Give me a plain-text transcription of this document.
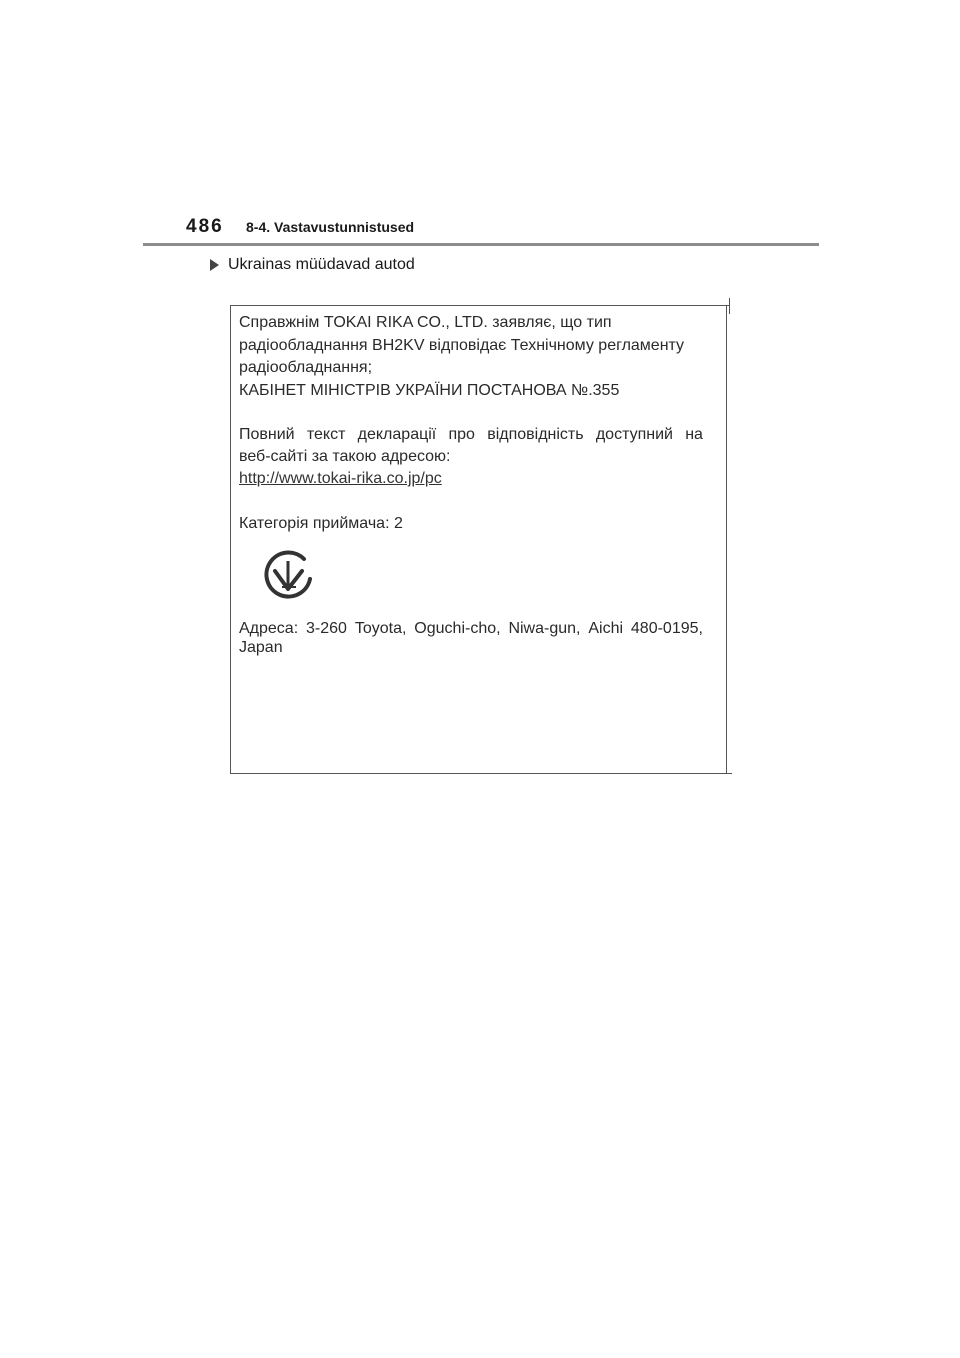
486 8-4. Vastavustunnistused
Ukrainas müüdavad autod
Справжнім TOKAI RIKA CO., LTD. заявляє, що тип
радіообладнання BH2KV відповідає Технічному регламенту
радіообладнання;
КАБІНЕТ МІНІСТРІВ УКРАЇНИ ПОСТАНОВА №.355
Повний текст декларації про відповідність доступний на
веб-сайті за такою адресою:
http://www.tokai-rika.co.jp/pc
Категорія приймача: 2
Адреса: 3-260 Toyota, Oguchi-cho, Niwa-gun, Aichi 480-0195,
Japan
